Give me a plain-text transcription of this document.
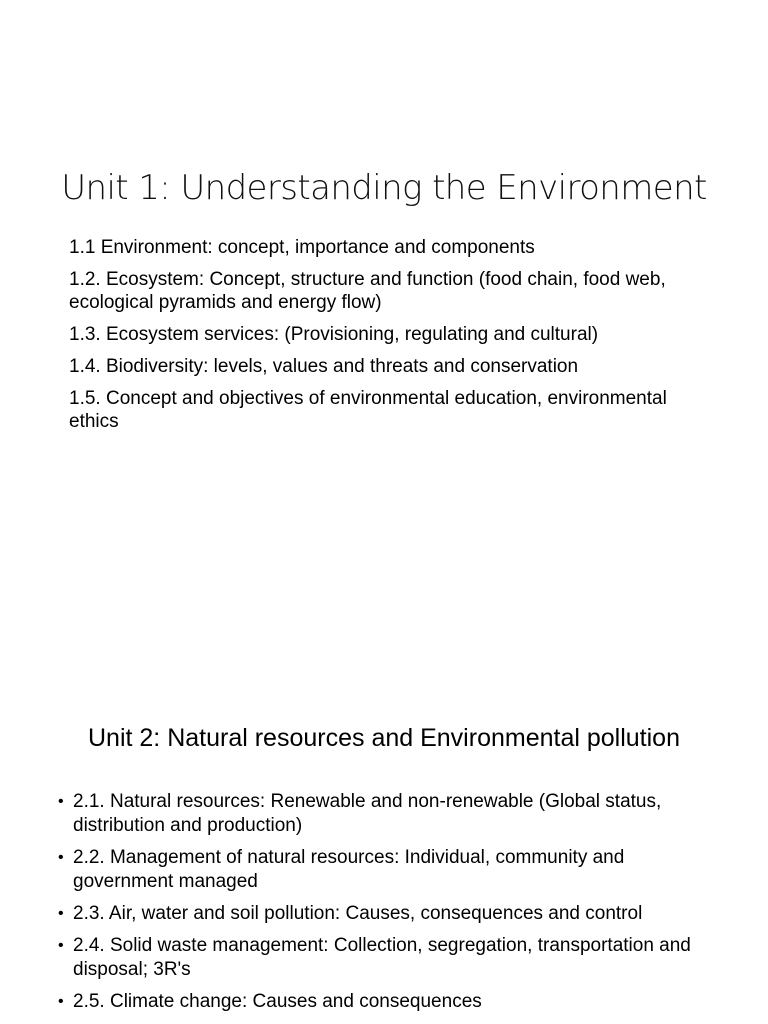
Unit 1: Understanding the Environment
1.1 Environment: concept, importance and components
1.2. Ecosystem: Concept, structure and function (food chain, food web, ecological pyramids and energy flow)
1.3. Ecosystem services: (Provisioning, regulating and cultural)
1.4. Biodiversity: levels, values and threats and conservation
1.5. Concept and objectives of environmental education, environmental ethics
Unit 2: Natural resources and Environmental pollution
• 2.1. Natural resources: Renewable and non-renewable (Global status, distribution and production)
• 2.2. Management of natural resources: Individual, community and government managed
• 2.3. Air, water and soil pollution: Causes, consequences and control
• 2.4. Solid waste management: Collection, segregation, transportation and disposal; 3R's
• 2.5. Climate change: Causes and consequences
